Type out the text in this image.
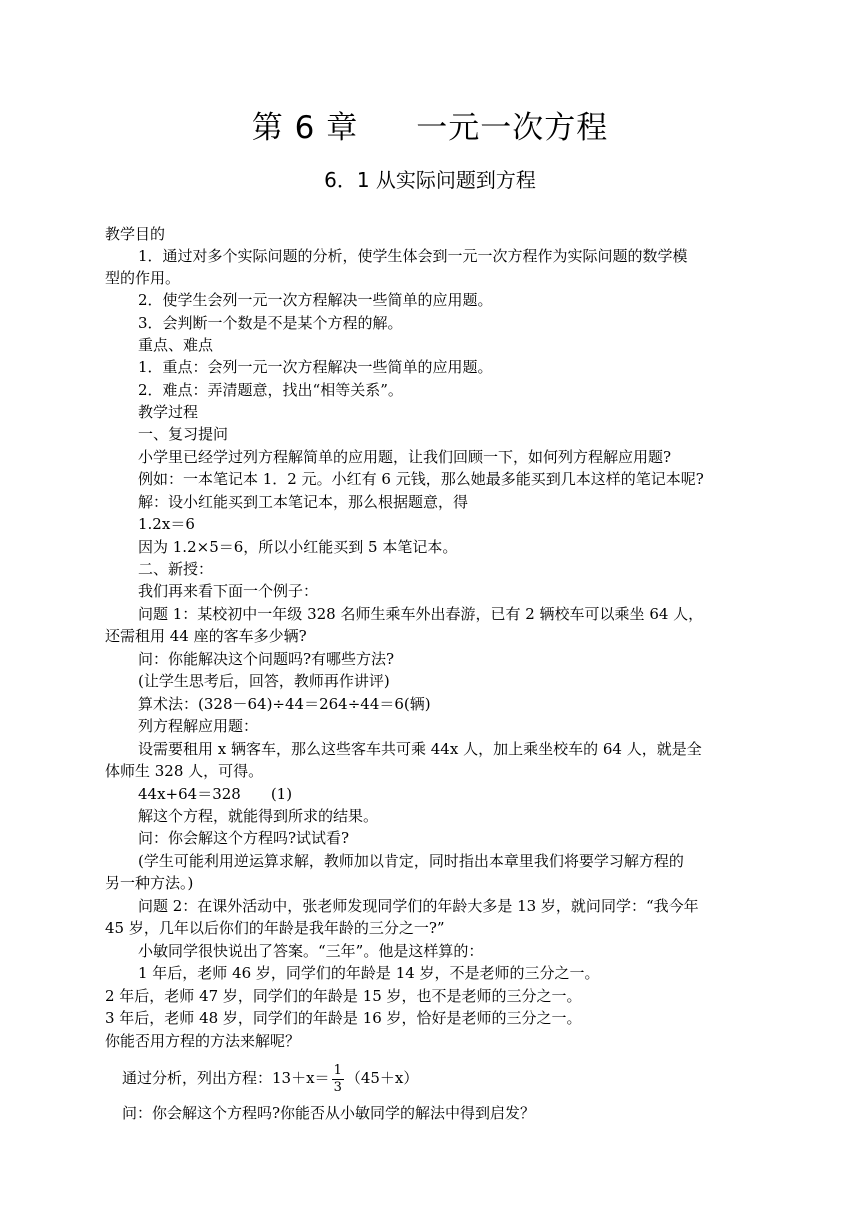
第 6 章 一元一次方程
6．1 从实际问题到方程
教学目的
1．通过对多个实际问题的分析，使学生体会到一元一次方程作为实际问题的数学模
型的作用。
2．使学生会列一元一次方程解决一些简单的应用题。
3．会判断一个数是不是某个方程的解。
重点、难点
1．重点：会列一元一次方程解决一些简单的应用题。
2．难点：弄清题意，找出“相等关系”。
教学过程
一、复习提问
小学里已经学过列方程解简单的应用题，让我们回顾一下，如何列方程解应用题?
例如：一本笔记本 1．2 元。小红有 6 元钱，那么她最多能买到几本这样的笔记本呢?
解：设小红能买到工本笔记本，那么根据题意，得
1.2x＝6
因为 1.2×5＝6，所以小红能买到 5 本笔记本。
二、新授：
我们再来看下面一个例子：
问题 1：某校初中一年级 328 名师生乘车外出春游，已有 2 辆校车可以乘坐 64 人，
还需租用 44 座的客车多少辆?
问：你能解决这个问题吗?有哪些方法?
(让学生思考后，回答，教师再作讲评)
算术法：(328－64)÷44＝264÷44＝6(辆)
列方程解应用题：
设需要租用 x 辆客车，那么这些客车共可乘 44x 人，加上乘坐校车的 64 人，就是全
体师生 328 人，可得。
44x+64＝328　　(1)
解这个方程，就能得到所求的结果。
问：你会解这个方程吗?试试看?
(学生可能利用逆运算求解，教师加以肯定，同时指出本章里我们将要学习解方程的
另一种方法。)
问题 2：在课外活动中，张老师发现同学们的年龄大多是 13 岁，就问同学：“我今年
45 岁，几年以后你们的年龄是我年龄的三分之一?”
小敏同学很快说出了答案。“三年”。他是这样算的：
1 年后，老师 46 岁，同学们的年龄是 14 岁，不是老师的三分之一。
2 年后，老师 47 岁，同学们的年龄是 15 岁，也不是老师的三分之一。
3 年后，老师 48 岁，同学们的年龄是 16 岁，恰好是老师的三分之一。
你能否用方程的方法来解呢？
通过分析，列出方程：$13+x= \frac{1}{3} (45+x)$
问：你会解这个方程吗?你能否从小敏同学的解法中得到启发？
